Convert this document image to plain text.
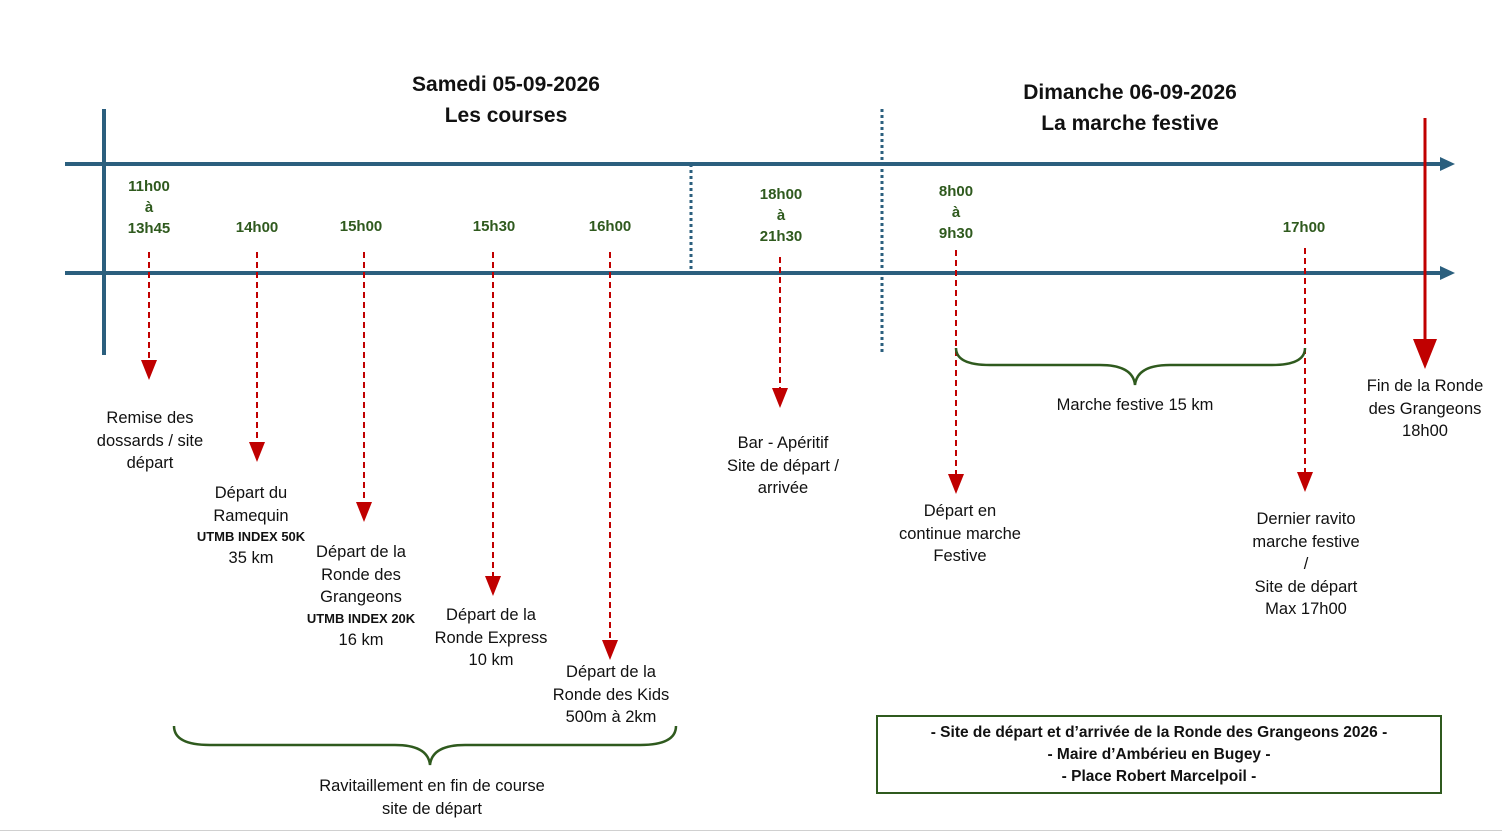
Samedi 05-09-2026
Les courses
Dimanche 06-09-2026
La marche festive
11h00
à
13h45	14h00	15h00	15h30	16h00
18h00
à
21h30
8h00
à
9h30	17h00
Remise des
dossards / site
départ
Départ du
Ramequin
UTMB INDEX 50K
35 km	Départ de la
Ronde des
Grangeons
UTMB INDEX 20K
16 km
Départ de la
Ronde Express
10 km
Départ de la
Ronde des Kids
500m à 2km
Bar - Apéritif
Site de départ /
arrivée
Départ en
continue marche
Festive
Dernier ravito
marche festive
/
Site de départ
Max 17h00
Fin de la Ronde
des Grangeons
18h00
Marche festive 15 km
Ravitaillement en fin de course
site de départ
- Site de départ et d’arrivée de la Ronde des Grangeons 2026 -
- Maire d’Ambérieu en Bugey -
- Place Robert Marcelpoil -
